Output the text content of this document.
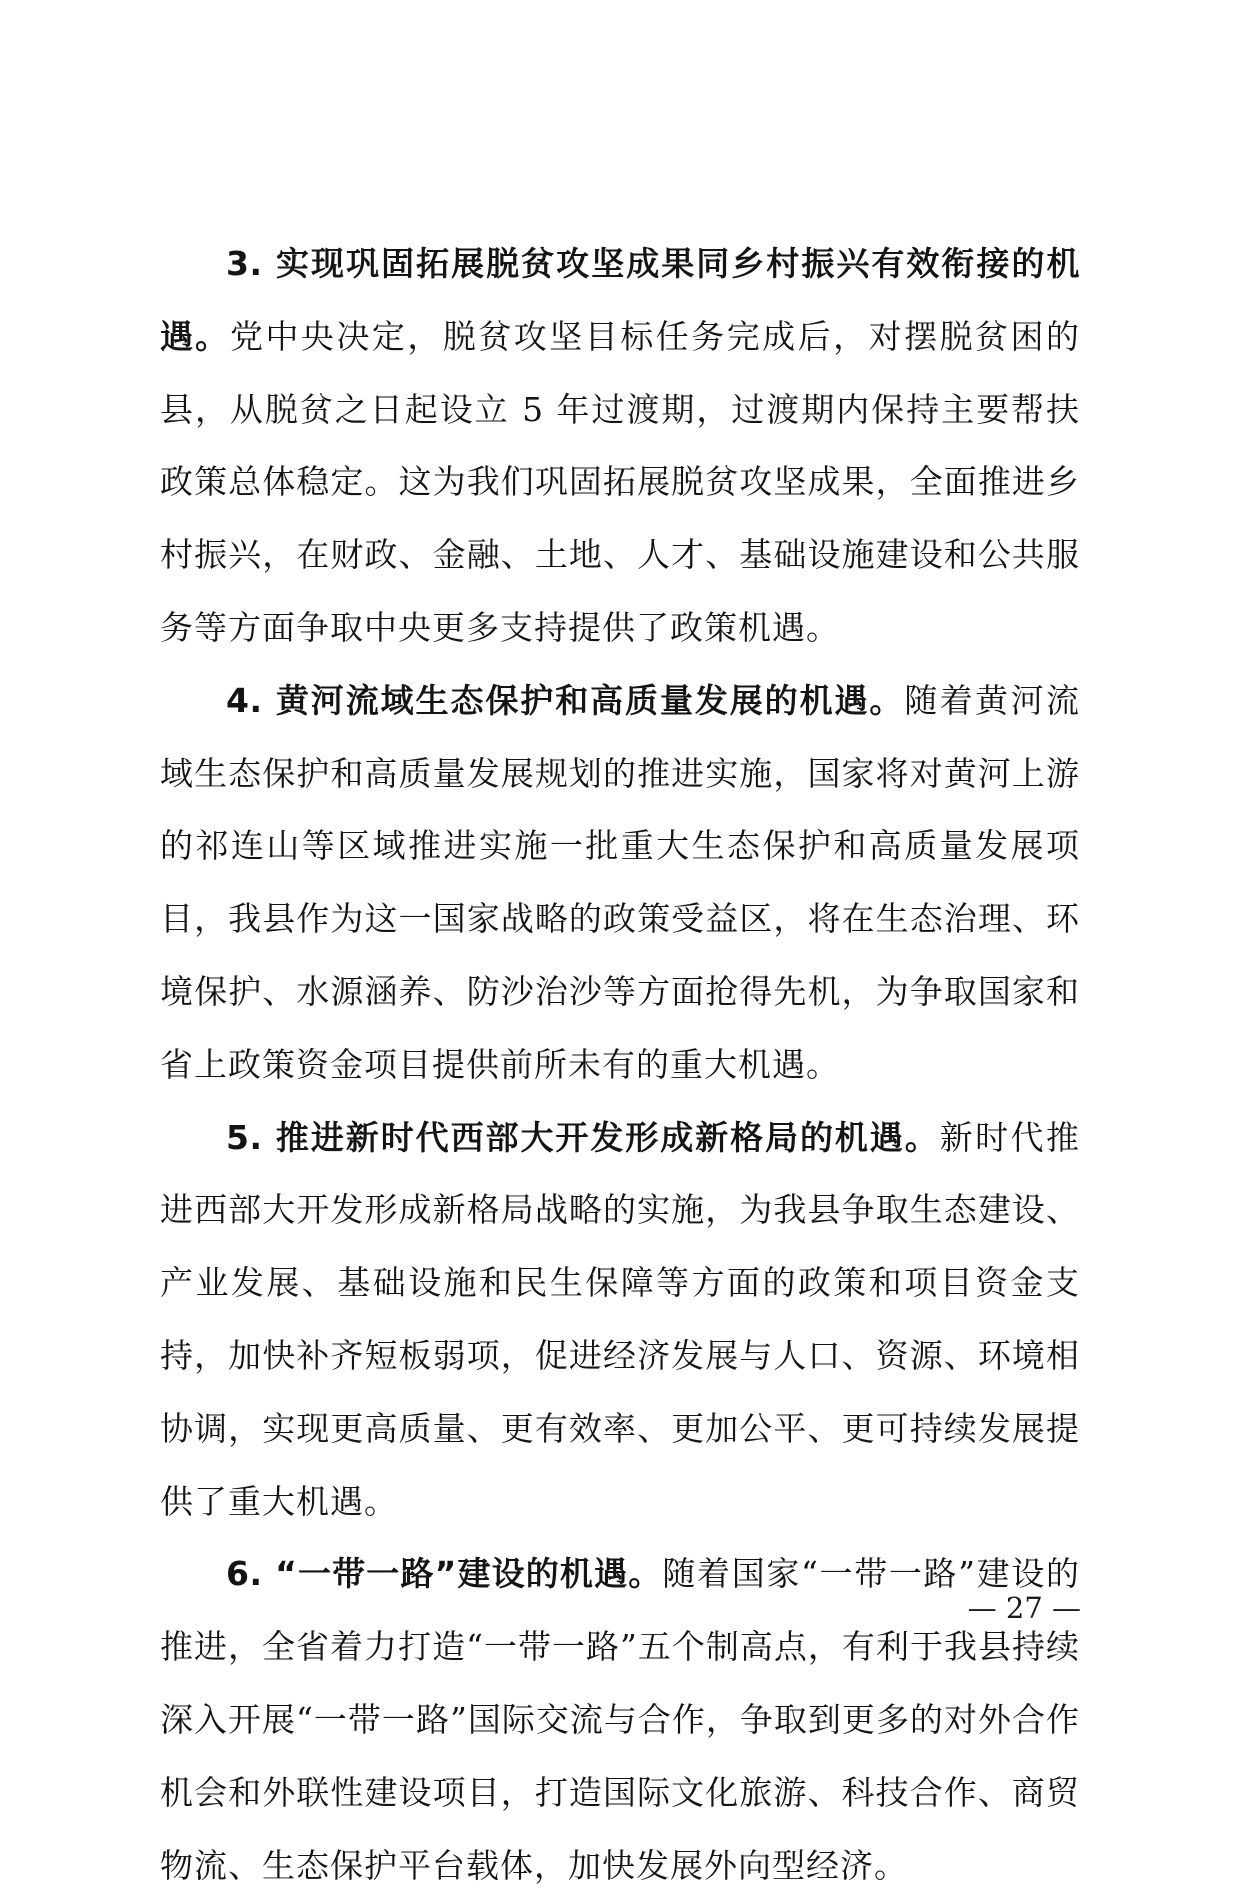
3. 实现巩固拓展脱贫攻坚成果同乡村振兴有效衔接的机遇。党中央决定，脱贫攻坚目标任务完成后，对摆脱贫困的县，从脱贫之日起设立 5 年过渡期，过渡期内保持主要帮扶政策总体稳定。这为我们巩固拓展脱贫攻坚成果，全面推进乡村振兴，在财政、金融、土地、人才、基础设施建设和公共服务等方面争取中央更多支持提供了政策机遇。

4. 黄河流域生态保护和高质量发展的机遇。随着黄河流域生态保护和高质量发展规划的推进实施，国家将对黄河上游的祁连山等区域推进实施一批重大生态保护和高质量发展项目，我县作为这一国家战略的政策受益区，将在生态治理、环境保护、水源涵养、防沙治沙等方面抢得先机，为争取国家和省上政策资金项目提供前所未有的重大机遇。

5. 推进新时代西部大开发形成新格局的机遇。新时代推进西部大开发形成新格局战略的实施，为我县争取生态建设、产业发展、基础设施和民生保障等方面的政策和项目资金支持，加快补齐短板弱项，促进经济发展与人口、资源、环境相协调，实现更高质量、更有效率、更加公平、更可持续发展提供了重大机遇。

6. “一带一路”建设的机遇。随着国家“一带一路”建设的推进，全省着力打造“一带一路”五个制高点，有利于我县持续深入开展“一带一路”国际交流与合作，争取到更多的对外合作机会和外联性建设项目，打造国际文化旅游、科技合作、商贸物流、生态保护平台载体，加快发展外向型经济。

— 27 —
